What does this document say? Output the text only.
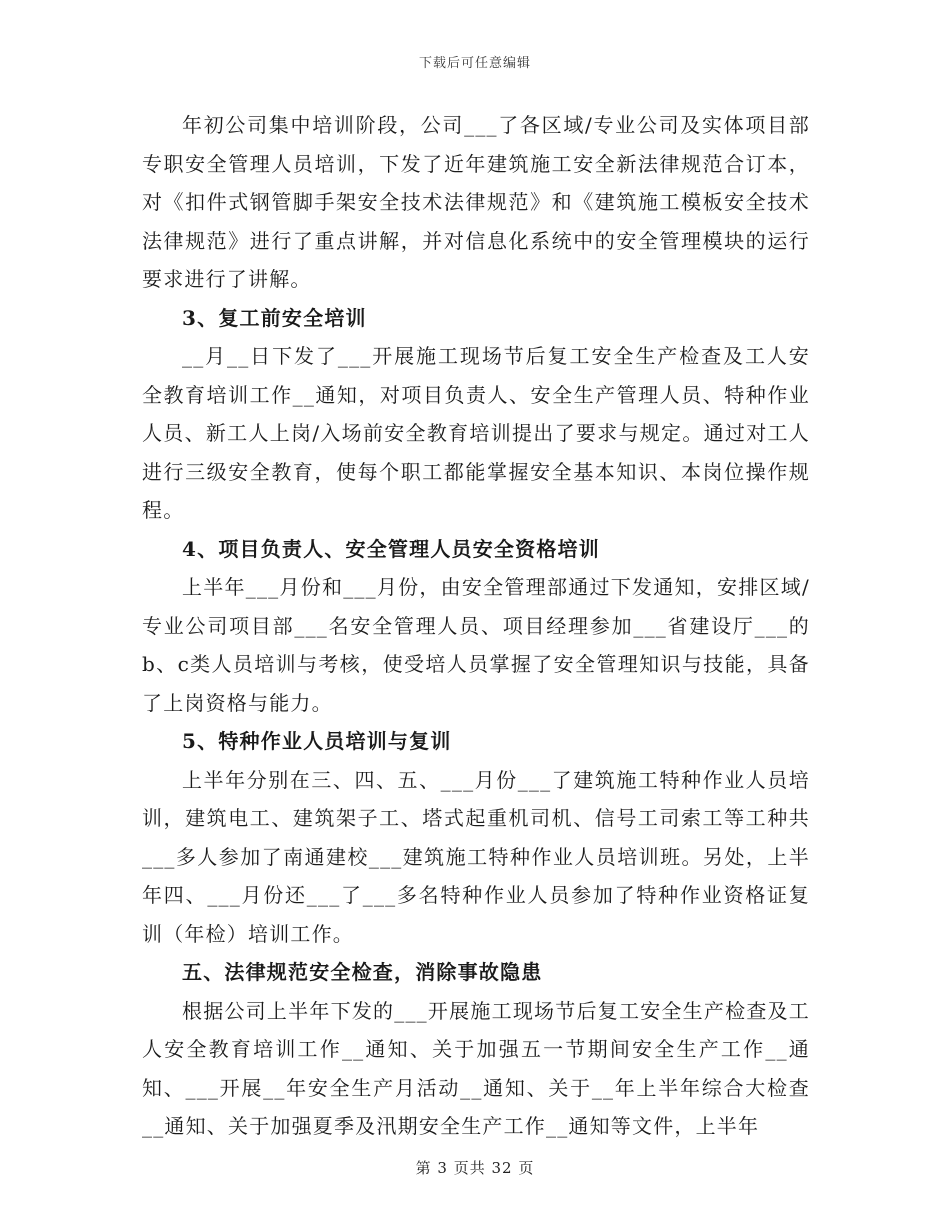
下载后可任意编辑

年初公司集中培训阶段，公司___了各区域/专业公司及实体项目部专职安全管理人员培训，下发了近年建筑施工安全新法律规范合订本，对《扣件式钢管脚手架安全技术法律规范》和《建筑施工模板安全技术法律规范》进行了重点讲解，并对信息化系统中的安全管理模块的运行要求进行了讲解。

3、复工前安全培训

__月__日下发了___开展施工现场节后复工安全生产检查及工人安全教育培训工作__通知，对项目负责人、安全生产管理人员、特种作业人员、新工人上岗/入场前安全教育培训提出了要求与规定。通过对工人进行三级安全教育，使每个职工都能掌握安全基本知识、本岗位操作规程。

4、项目负责人、安全管理人员安全资格培训

上半年___月份和___月份，由安全管理部通过下发通知，安排区域/专业公司项目部___名安全管理人员、项目经理参加___省建设厅___的b、c类人员培训与考核，使受培人员掌握了安全管理知识与技能，具备了上岗资格与能力。

5、特种作业人员培训与复训

上半年分别在三、四、五、___月份___了建筑施工特种作业人员培训，建筑电工、建筑架子工、塔式起重机司机、信号工司索工等工种共___多人参加了南通建校___建筑施工特种作业人员培训班。另处，上半年四、___月份还___了___多名特种作业人员参加了特种作业资格证复训（年检）培训工作。

五、法律规范安全检查，消除事故隐患

根据公司上半年下发的___开展施工现场节后复工安全生产检查及工人安全教育培训工作__通知、关于加强五一节期间安全生产工作__通知、___开展__年安全生产月活动__通知、关于__年上半年综合大检查__通知、关于加强夏季及汛期安全生产工作__通知等文件，上半年

第 3 页共 32 页
